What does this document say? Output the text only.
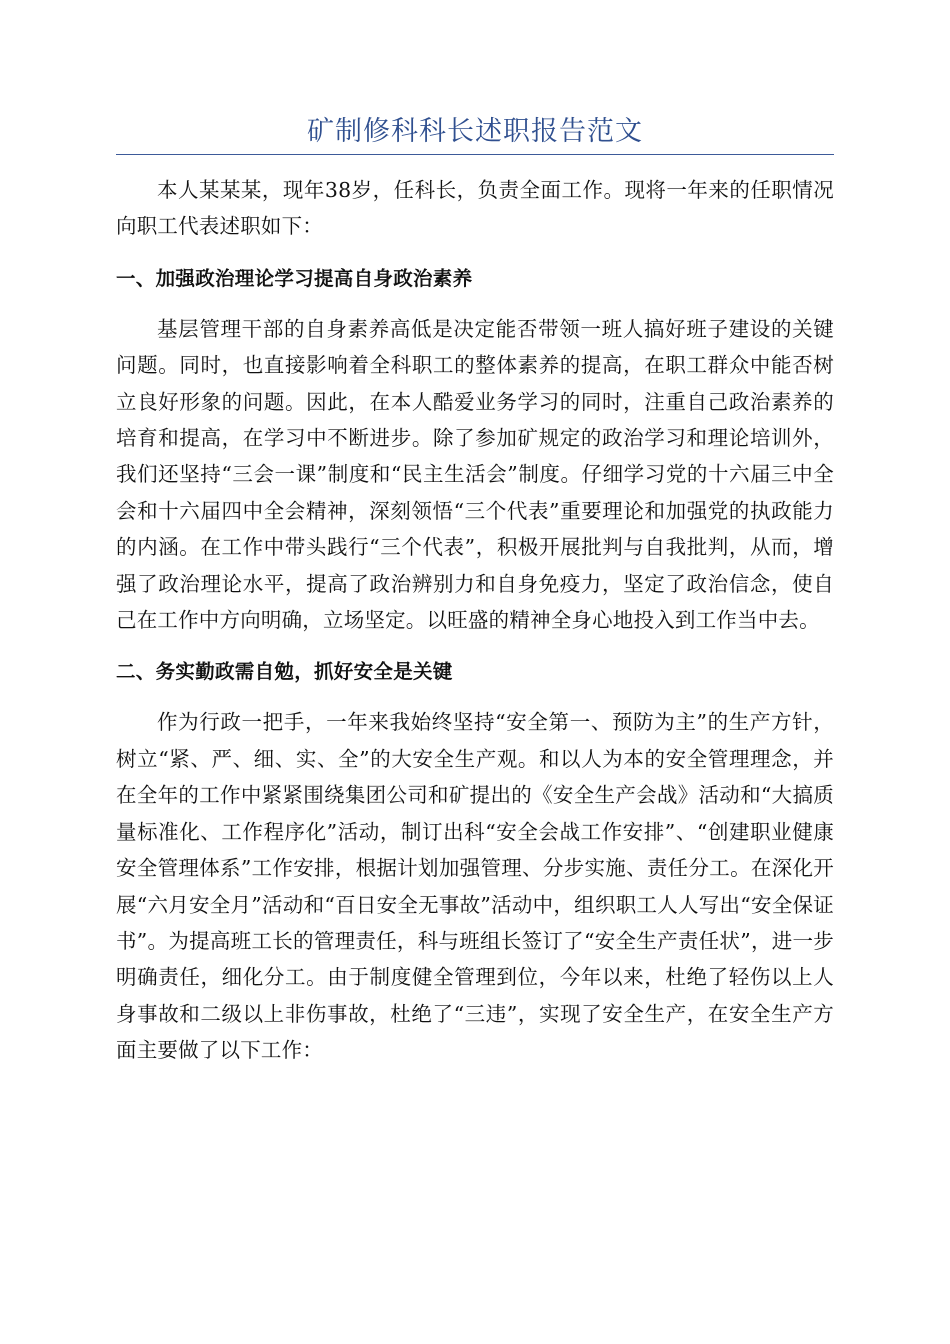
矿制修科科长述职报告范文

本人某某某，现年38岁，任科长，负责全面工作。现将一年来的任职情况向职工代表述职如下：

一、加强政治理论学习提高自身政治素养

基层管理干部的自身素养高低是决定能否带领一班人搞好班子建设的关键问题。同时，也直接影响着全科职工的整体素养的提高，在职工群众中能否树立良好形象的问题。因此，在本人酷爱业务学习的同时，注重自己政治素养的培育和提高，在学习中不断进步。除了参加矿规定的政治学习和理论培训外，我们还坚持“三会一课”制度和“民主生活会”制度。仔细学习党的十六届三中全会和十六届四中全会精神，深刻领悟“三个代表”重要理论和加强党的执政能力的内涵。在工作中带头践行“三个代表”，积极开展批判与自我批判，从而，增强了政治理论水平，提高了政治辨别力和自身免疫力，坚定了政治信念，使自己在工作中方向明确，立场坚定。以旺盛的精神全身心地投入到工作当中去。

二、务实勤政需自勉，抓好安全是关键

作为行政一把手，一年来我始终坚持“安全第一、预防为主”的生产方针，树立“紧、严、细、实、全”的大安全生产观。和以人为本的安全管理理念，并在全年的工作中紧紧围绕集团公司和矿提出的《安全生产会战》活动和“大搞质量标准化、工作程序化”活动，制订出科“安全会战工作安排”、“创建职业健康安全管理体系”工作安排，根据计划加强管理、分步实施、责任分工。在深化开展“六月安全月”活动和“百日安全无事故”活动中，组织职工人人写出“安全保证书”。为提高班工长的管理责任，科与班组长签订了“安全生产责任状”，进一步明确责任，细化分工。由于制度健全管理到位，今年以来，杜绝了轻伤以上人身事故和二级以上非伤事故，杜绝了“三违”，实现了安全生产，在安全生产方面主要做了以下工作：
